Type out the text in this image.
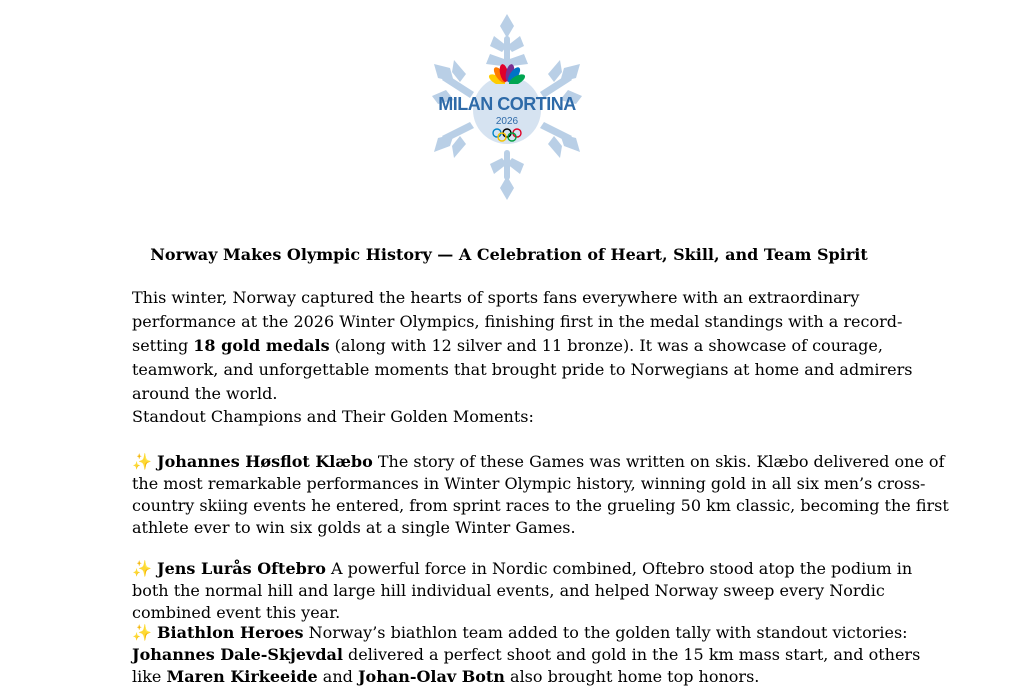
MILAN CORTINA
2026
Norway Makes Olympic History — A Celebration of Heart, Skill, and Team Spirit

This winter, Norway captured the hearts of sports fans everywhere with an extraordinary performance at the 2026 Winter Olympics, finishing first in the medal standings with a record-setting 18 gold medals (along with 12 silver and 11 bronze). It was a showcase of courage, teamwork, and unforgettable moments that brought pride to Norwegians at home and admirers around the world.

Standout Champions and Their Golden Moments:

✨ Johannes Høsflot Klæbo The story of these Games was written on skis. Klæbo delivered one of the most remarkable performances in Winter Olympic history, winning gold in all six men’s cross-country skiing events he entered, from sprint races to the grueling 50 km classic, becoming the first athlete ever to win six golds at a single Winter Games.

✨ Jens Lurås Oftebro A powerful force in Nordic combined, Oftebro stood atop the podium in both the normal hill and large hill individual events, and helped Norway sweep every Nordic combined event this year.

✨ Biathlon Heroes Norway’s biathlon team added to the golden tally with standout victories: Johannes Dale-Skjevdal delivered a perfect shoot and gold in the 15 km mass start, and others like Maren Kirkeeide and Johan-Olav Botn also brought home top honors.
